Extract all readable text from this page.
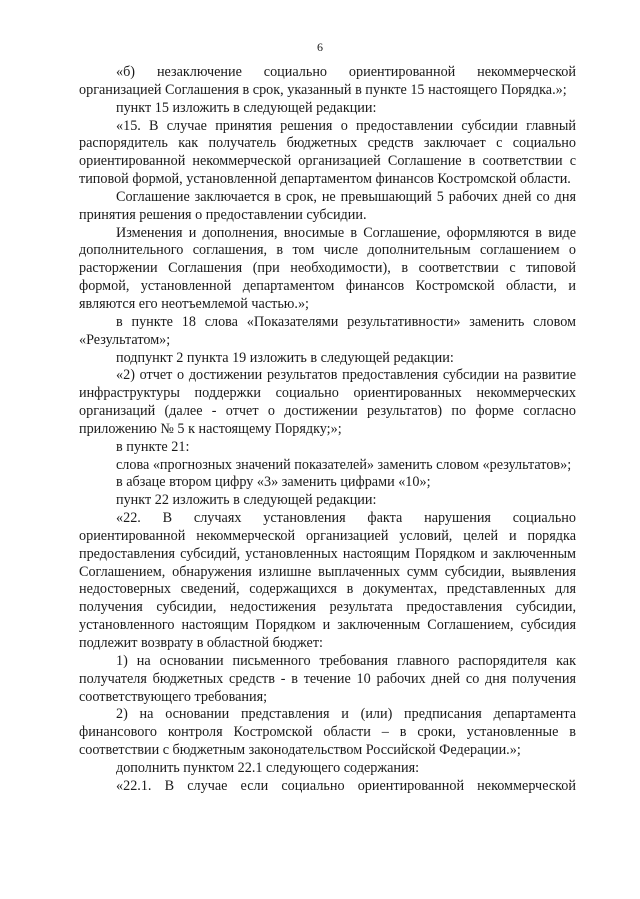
6

«б) незаключение социально ориентированной некоммерческой организацией Соглашения в срок, указанный в пункте 15 настоящего Порядка.»;

пункт 15 изложить в следующей редакции:

«15. В случае принятия решения о предоставлении субсидии главный распорядитель как получатель бюджетных средств заключает с социально ориентированной некоммерческой организацией Соглашение в соответствии с типовой формой, установленной департаментом финансов Костромской области.

Соглашение заключается в срок, не превышающий 5 рабочих дней со дня принятия решения о предоставлении субсидии.

Изменения и дополнения, вносимые в Соглашение, оформляются в виде дополнительного соглашения, в том числе дополнительным соглашением о расторжении Соглашения (при необходимости), в соответствии с типовой формой, установленной департаментом финансов Костромской области, и являются его неотъемлемой частью.»;

в пункте 18 слова «Показателями результативности» заменить словом «Результатом»;

подпункт 2 пункта 19 изложить в следующей редакции:

«2) отчет о достижении результатов предоставления субсидии на развитие инфраструктуры поддержки социально ориентированных некоммерческих организаций (далее - отчет о достижении результатов) по форме согласно приложению № 5 к настоящему Порядку;»;

в пункте 21:

слова «прогнозных значений показателей» заменить словом «результатов»;

в абзаце втором цифру «3» заменить цифрами «10»;

пункт 22 изложить в следующей редакции:

«22. В случаях установления факта нарушения социально ориентированной некоммерческой организацией условий, целей и порядка предоставления субсидий, установленных настоящим Порядком и заключенным Соглашением, обнаружения излишне выплаченных сумм субсидии, выявления недостоверных сведений, содержащихся в документах, представленных для получения субсидии, недостижения результата предоставления субсидии, установленного настоящим Порядком и заключенным Соглашением, субсидия подлежит возврату в областной бюджет:

1) на основании письменного требования главного распорядителя как получателя бюджетных средств - в течение 10 рабочих дней со дня получения соответствующего требования;

2) на основании представления и (или) предписания департамента финансового контроля Костромской области – в сроки, установленные в соответствии с бюджетным законодательством Российской Федерации.»;

дополнить пунктом 22.1 следующего содержания:

«22.1. В случае если социально ориентированной некоммерческой
